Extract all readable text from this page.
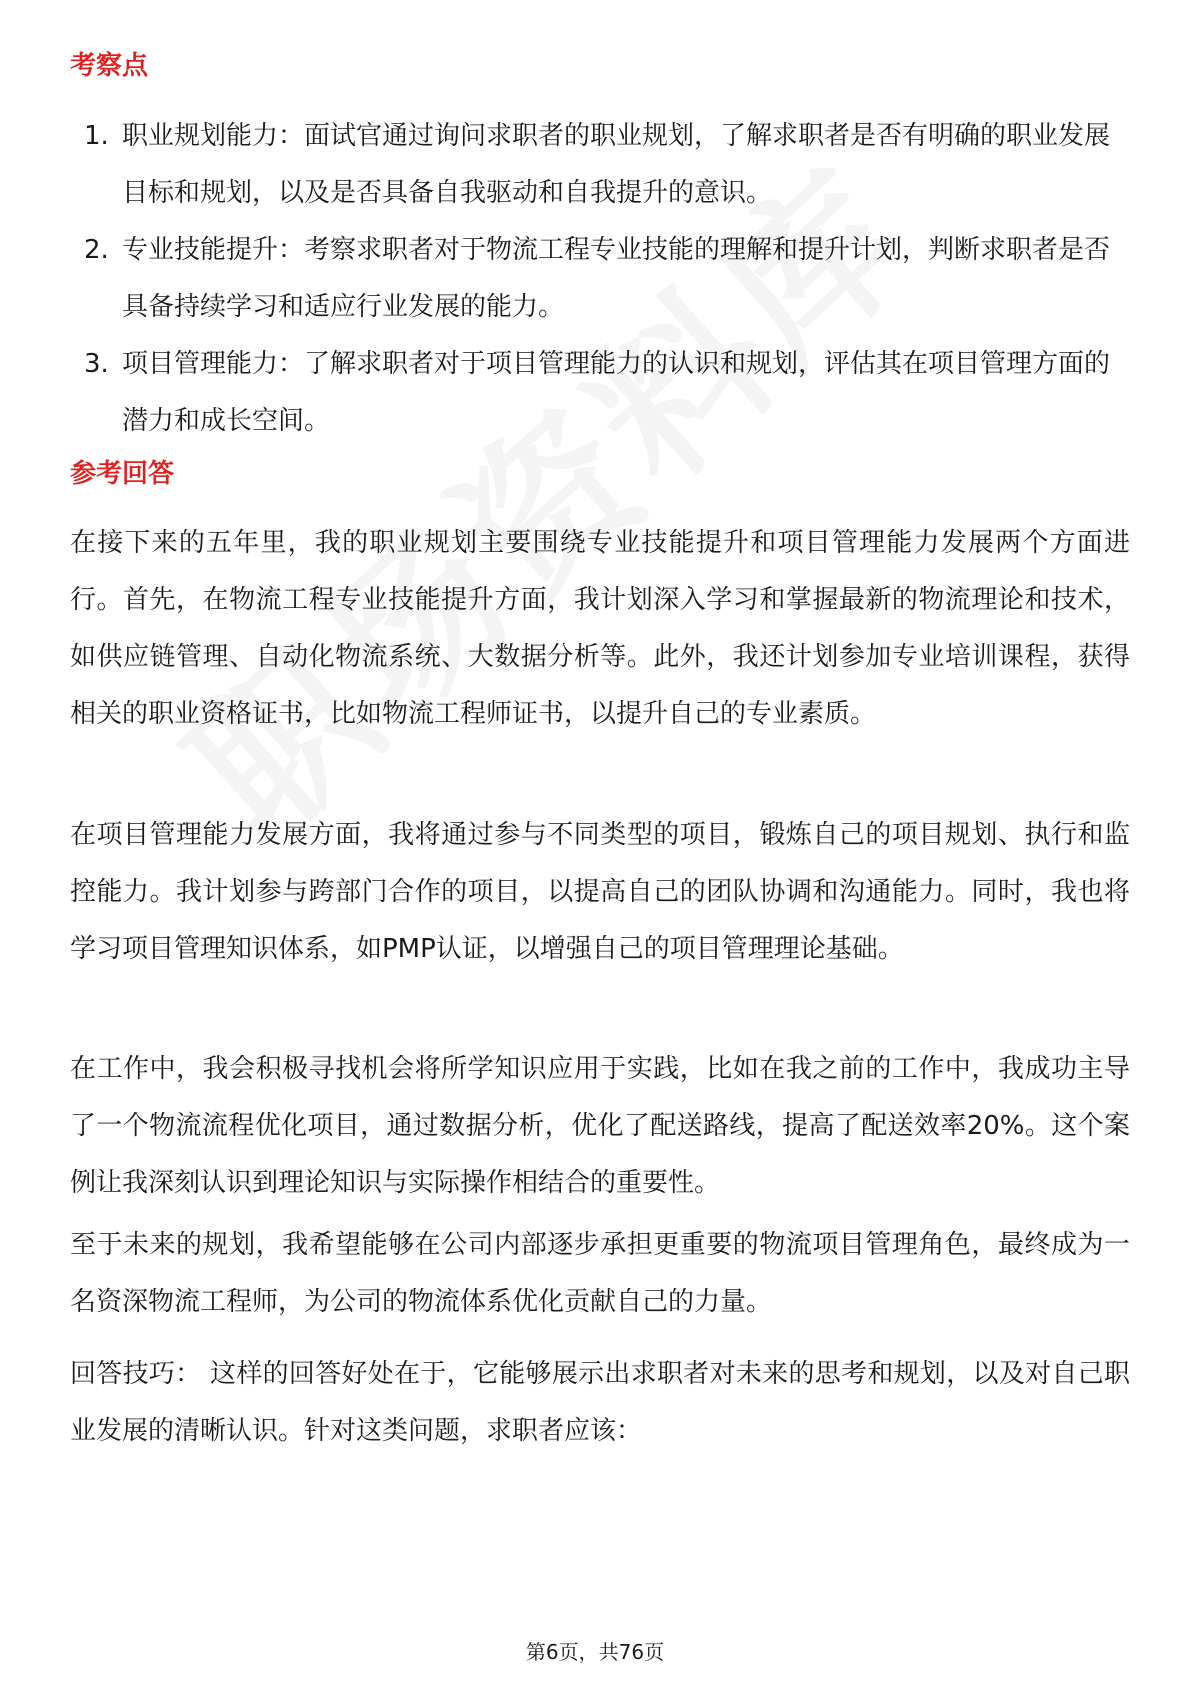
考察点
1. 职业规划能力：面试官通过询问求职者的职业规划，了解求职者是否有明确的职业发展目标和规划，以及是否具备自我驱动和自我提升的意识。
2. 专业技能提升：考察求职者对于物流工程专业技能的理解和提升计划，判断求职者是否具备持续学习和适应行业发展的能力。
3. 项目管理能力：了解求职者对于项目管理能力的认识和规划，评估其在项目管理方面的潜力和成长空间。
参考回答

在接下来的五年里，我的职业规划主要围绕专业技能提升和项目管理能力发展两个方面进行。首先，在物流工程专业技能提升方面，我计划深入学习和掌握最新的物流理论和技术，如供应链管理、自动化物流系统、大数据分析等。此外，我还计划参加专业培训课程，获得相关的职业资格证书，比如物流工程师证书，以提升自己的专业素质。

在项目管理能力发展方面，我将通过参与不同类型的项目，锻炼自己的项目规划、执行和监控能力。我计划参与跨部门合作的项目，以提高自己的团队协调和沟通能力。同时，我也将学习项目管理知识体系，如PMP认证，以增强自己的项目管理理论基础。

在工作中，我会积极寻找机会将所学知识应用于实践，比如在我之前的工作中，我成功主导了一个物流流程优化项目，通过数据分析，优化了配送路线，提高了配送效率20%。这个案例让我深刻认识到理论知识与实际操作相结合的重要性。

至于未来的规划，我希望能够在公司内部逐步承担更重要的物流项目管理角色，最终成为一名资深物流工程师，为公司的物流体系优化贡献自己的力量。

回答技巧： 这样的回答好处在于，它能够展示出求职者对未来的思考和规划，以及对自己职业发展的清晰认识。针对这类问题，求职者应该：

第6页，共76页
